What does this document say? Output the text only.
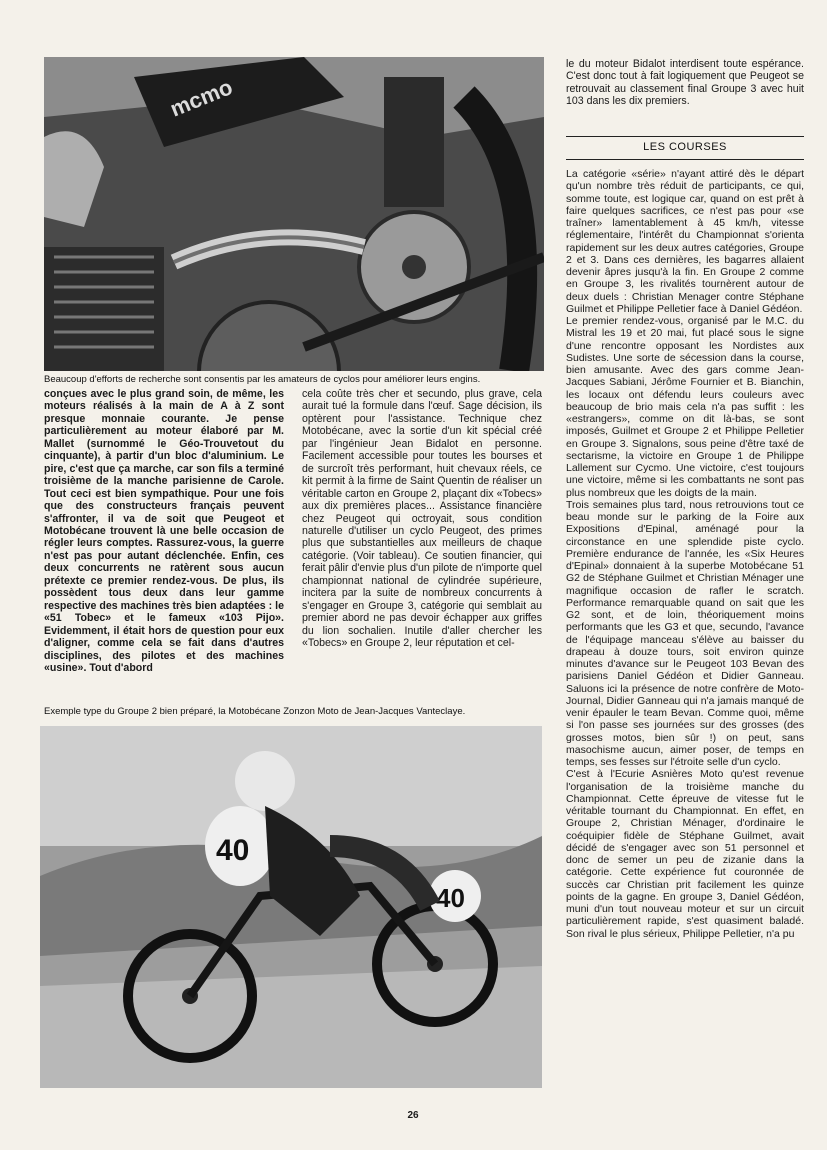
mcmo
Beaucoup d'efforts de recherche sont consentis par les amateurs de cyclos pour améliorer leurs engins.

conçues avec le plus grand soin, de même, les moteurs réalisés à la main de A à Z sont presque monnaie courante. Je pense particulièrement au moteur élaboré par M. Mallet (surnommé le Géo-Trouvetout du cinquante), à partir d'un bloc d'aluminium. Le pire, c'est que ça marche, car son fils a terminé troisième de la manche parisienne de Carole. Tout ceci est bien sympathique. Pour une fois que des constructeurs français peuvent s'affronter, il va de soit que Peugeot et Motobécane trouvent là une belle occasion de régler leurs comptes. Rassurez-vous, la guerre n'est pas pour autant déclenchée. Enfin, ces deux concurrents ne ratèrent sous aucun prétexte ce premier rendez-vous. De plus, ils possèdent tous deux dans leur gamme respective des machines très bien adaptées : le «51 Tobec» et le fameux «103 Pijo». Evidemment, il était hors de question pour eux d'aligner, comme cela se fait dans d'autres disciplines, des pilotes et des machines «usine». Tout d'abord

cela coûte très cher et secundo, plus grave, cela aurait tué la formule dans l'œuf. Sage décision, ils optèrent pour l'assistance. Technique chez Motobécane, avec la sortie d'un kit spécial créé par l'ingénieur Jean Bidalot en personne. Facilement accessible pour toutes les bourses et de surcroît très performant, huit chevaux réels, ce kit permit à la firme de Saint Quentin de réaliser un véritable carton en Groupe 2, plaçant dix «Tobecs» aux dix premières places... Assistance financière chez Peugeot qui octroyait, sous condition naturelle d'utiliser un cyclo Peugeot, des primes plus que substantielles aux meilleurs de chaque catégorie. (Voir tableau). Ce soutien financier, qui ferait pâlir d'envie plus d'un pilote de n'importe quel championnat national de cylindrée supérieure, incitera par la suite de nombreux concurrents à s'engager en Groupe 3, catégorie qui semblait au premier abord ne pas devoir échapper aux griffes du lion sochalien. Inutile d'aller chercher les «Tobecs» en Groupe 2, leur réputation et cel-

Exemple type du Groupe 2 bien préparé, la Motobécane Zonzon Moto de Jean-Jacques Vanteclaye.
40
40

le du moteur Bidalot interdisent toute espérance. C'est donc tout à fait logiquement que Peugeot se retrouvait au classement final Groupe 3 avec huit 103 dans les dix premiers.

LES COURSES

La catégorie «série» n'ayant attiré dès le départ qu'un nombre très réduit de participants, ce qui, somme toute, est logique car, quand on est prêt à faire quelques sacrifices, ce n'est pas pour «se traîner» lamentablement à 45 km/h, vitesse réglementaire, l'intérêt du Championnat s'orienta rapidement sur les deux autres catégories, Groupe 2 et 3. Dans ces dernières, les bagarres allaient devenir âpres jusqu'à la fin. En Groupe 2 comme en Groupe 3, les rivalités tournèrent autour de deux duels : Christian Menager contre Stéphane Guilmet et Philippe Pelletier face à Daniel Gédéon.

Le premier rendez-vous, organisé par le M.C. du Mistral les 19 et 20 mai, fut placé sous le signe d'une rencontre opposant les Nordistes aux Sudistes. Une sorte de sécession dans la course, bien amusante. Avec des gars comme Jean-Jacques Sabiani, Jérôme Fournier et B. Bianchin, les locaux ont défendu leurs couleurs avec beaucoup de brio mais cela n'a pas suffit : les «estrangers», comme on dit là-bas, se sont imposés, Guilmet et Groupe 2 et Philippe Pelletier en Groupe 3. Signalons, sous peine d'être taxé de sectarisme, la victoire en Groupe 1 de Philippe Lallement sur Cycmo. Une victoire, c'est toujours une victoire, même si les combattants ne sont pas plus nombreux que les doigts de la main.

Trois semaines plus tard, nous retrouvions tout ce beau monde sur le parking de la Foire aux Expositions d'Epinal, aménagé pour la circonstance en une splendide piste cyclo. Première endurance de l'année, les «Six Heures d'Epinal» donnaient à la superbe Motobécane 51 G2 de Stéphane Guilmet et Christian Ménager une magnifique occasion de rafler le scratch. Performance remarquable quand on sait que les G2 sont, et de loin, théoriquement moins performants que les G3 et que, secundo, l'avance de l'équipage manceau s'élève au baisser du drapeau à douze tours, soit environ quinze minutes d'avance sur le Peugeot 103 Bevan des parisiens Daniel Gédéon et Didier Ganneau. Saluons ici la présence de notre confrère de Moto-Journal, Didier Ganneau qui n'a jamais manqué de venir épauler le team Bevan. Comme quoi, même si l'on passe ses journées sur des grosses (des grosses motos, bien sûr !) on peut, sans masochisme aucun, aimer poser, de temps en temps, ses fesses sur l'étroite selle d'un cyclo.

C'est à l'Ecurie Asnières Moto qu'est revenue l'organisation de la troisième manche du Championnat. Cette épreuve de vitesse fut le véritable tournant du Championnat. En effet, en Groupe 2, Christian Ménager, d'ordinaire le coéquipier fidèle de Stéphane Guilmet, avait décidé de s'engager avec son 51 personnel et donc de semer un peu de zizanie dans la catégorie. Cette expérience fut couronnée de succès car Christian prit facilement les quinze points de la gagne. En groupe 3, Daniel Gédéon, muni d'un tout nouveau moteur et sur un circuit particulièrement rapide, s'est quasiment baladé. Son rival le plus sérieux, Philippe Pelletier, n'a pu

26
